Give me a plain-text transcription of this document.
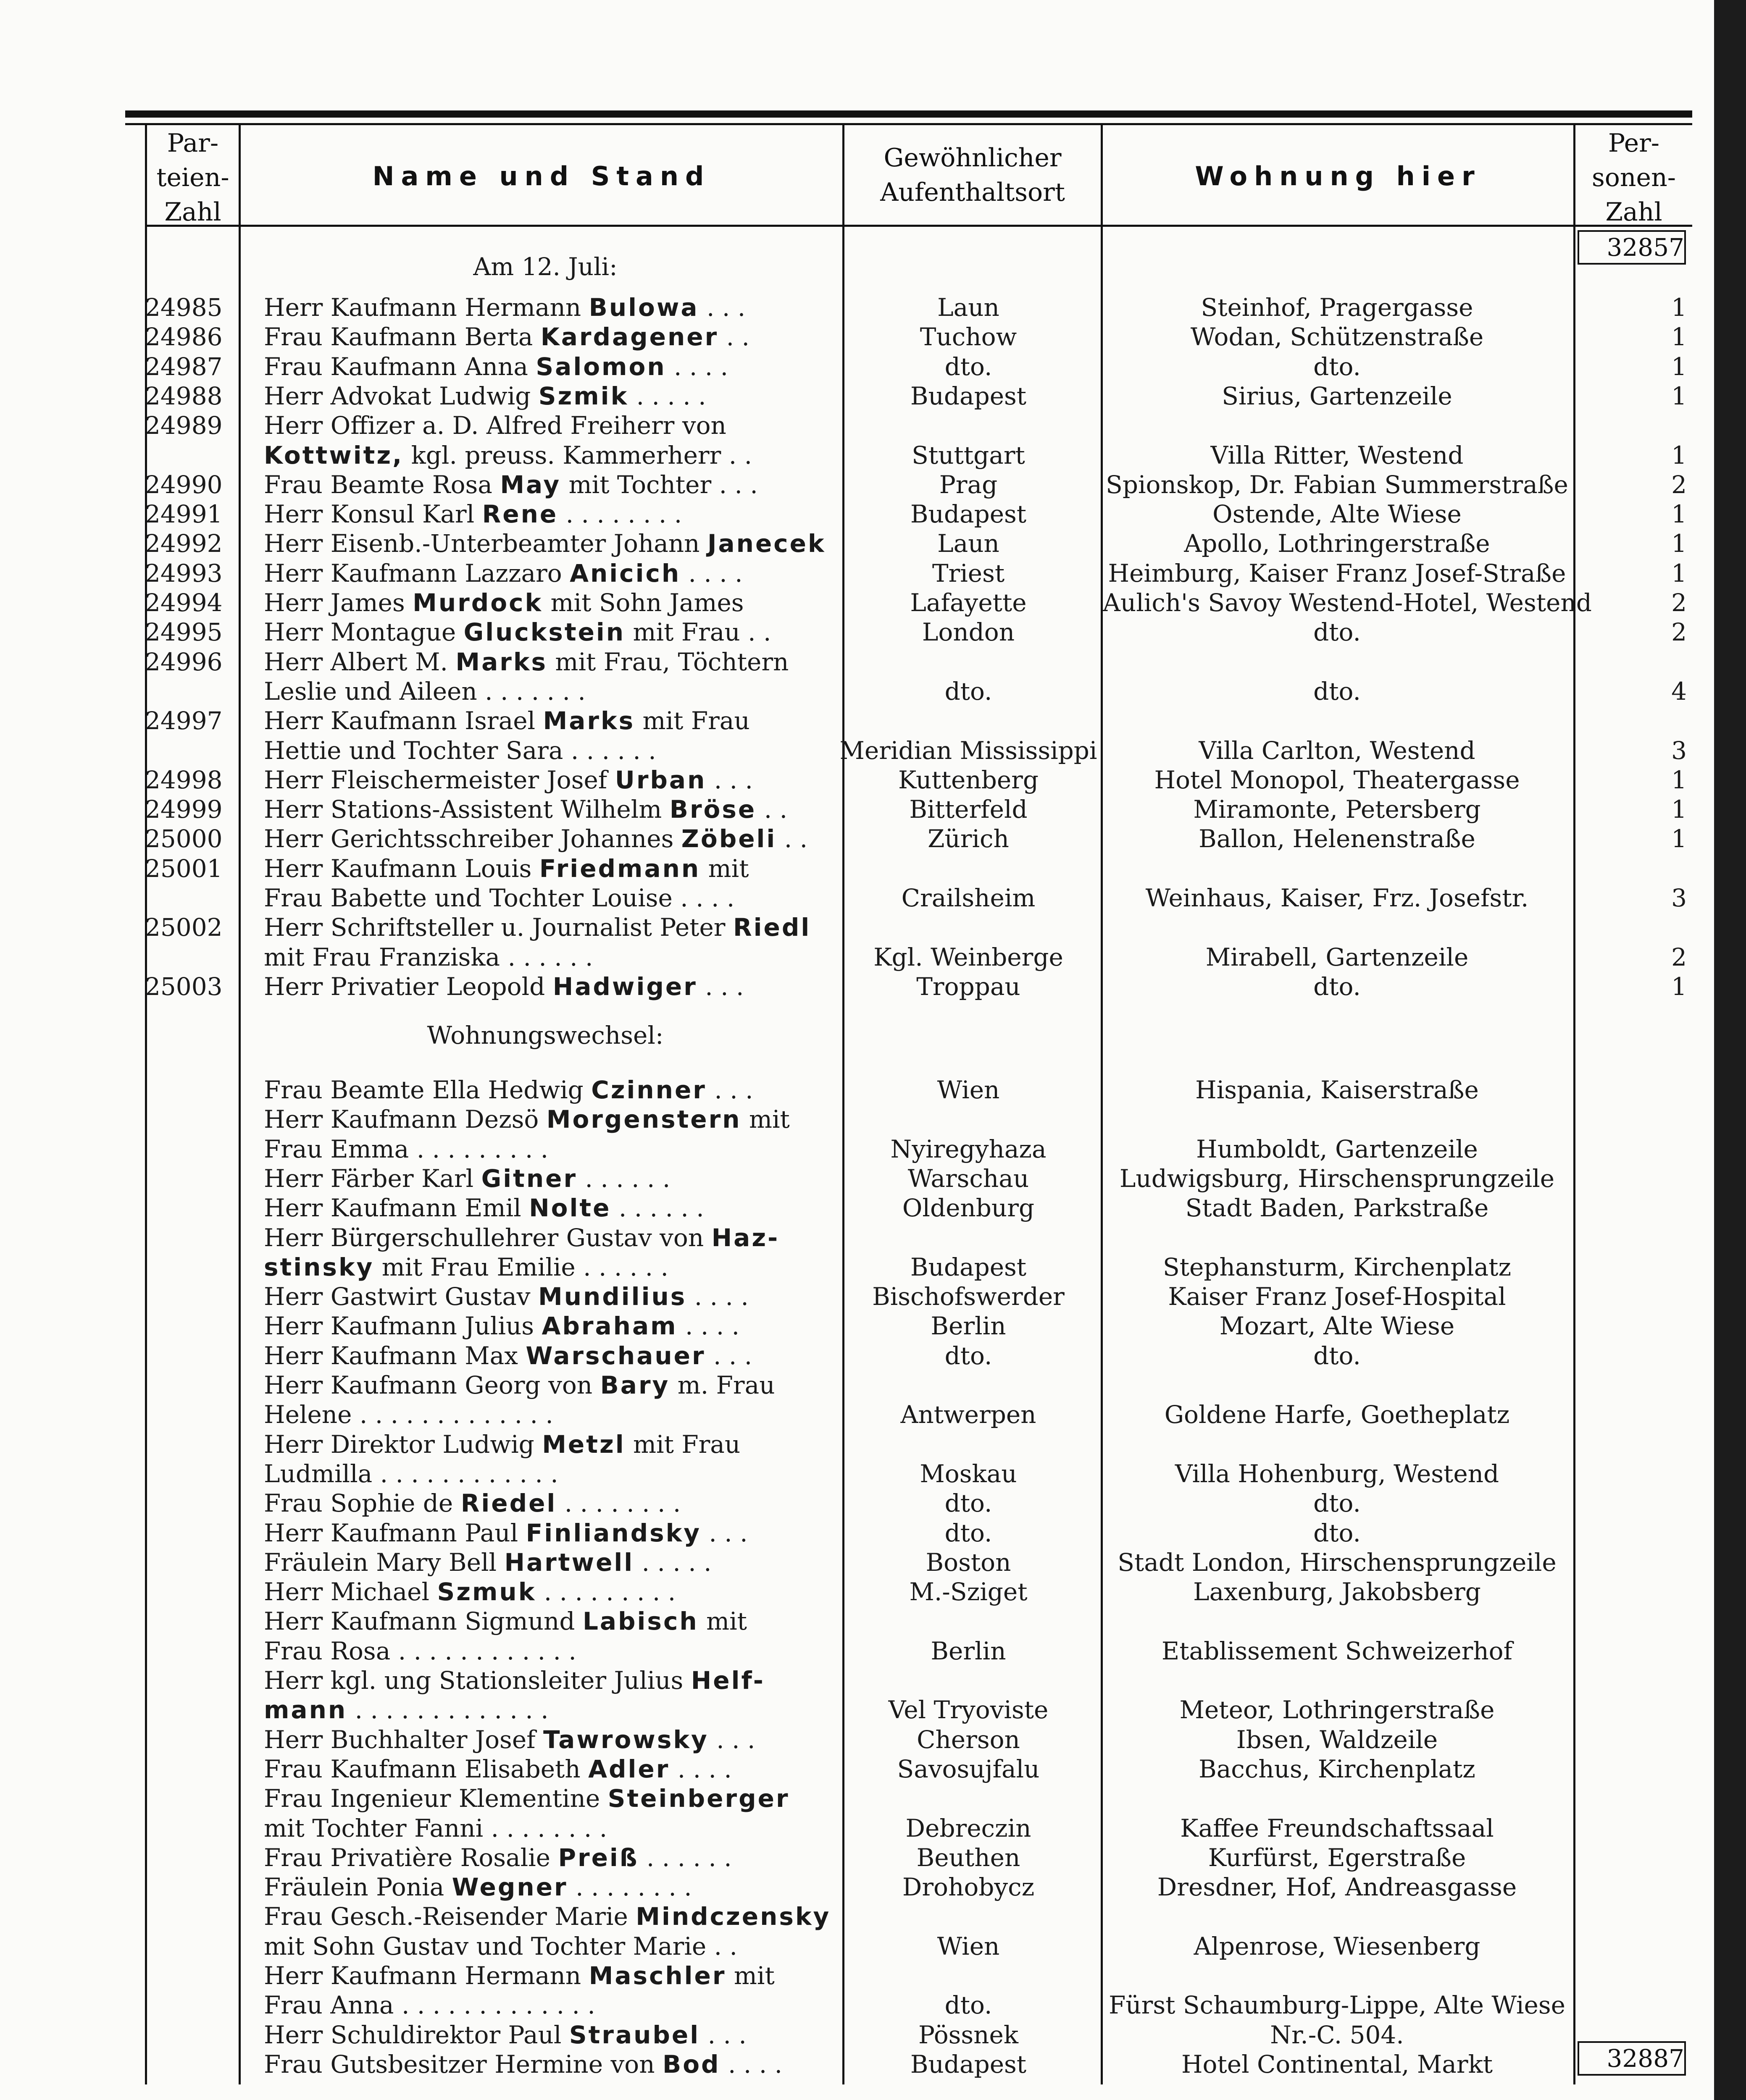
Par-
teien-
Zahl
Name und Stand
Gewöhnlicher
Aufenthaltsort
Wohnung hier
Per-
sonen-
Zahl
32857
32887
Am 12. Juli:
24985	Herr Kaufmann Hermann Bulowa . . .	Laun	Steinhof, Pragergasse	1
24986	Frau Kaufmann Berta Kardagener . .	Tuchow	Wodan, Schützenstraße	1
24987	Frau Kaufmann Anna Salomon . . . .	dto.	dto.	1
24988	Herr Advokat Ludwig Szmik . . . . .	Budapest	Sirius, Gartenzeile	1
24989	Herr Offizer a. D. Alfred Freiherr von
Kottwitz, kgl. preuss. Kammerherr . .	Stuttgart	Villa Ritter, Westend	1
24990	Frau Beamte Rosa May mit Tochter . . .	Prag	Spionskop, Dr. Fabian Summerstraße	2
24991	Herr Konsul Karl Rene . . . . . . . .	Budapest	Ostende, Alte Wiese	1
24992	Herr Eisenb.-Unterbeamter Johann Janecek	Laun	Apollo, Lothringerstraße	1
24993	Herr Kaufmann Lazzaro Anicich . . . .	Triest	Heimburg, Kaiser Franz Josef-Straße	1
24994	Herr James Murdock mit Sohn James	Lafayette	Aulich's Savoy Westend-Hotel, Westend	2
24995	Herr Montague Gluckstein mit Frau . .	London	dto.	2
24996	Herr Albert M. Marks mit Frau, Töchtern
Leslie und Aileen . . . . . . .	dto.	dto.	4
24997	Herr Kaufmann Israel Marks mit Frau
Hettie und Tochter Sara . . . . . .	Meridian Mississippi	Villa Carlton, Westend	3
24998	Herr Fleischermeister Josef Urban . . .	Kuttenberg	Hotel Monopol, Theatergasse	1
24999	Herr Stations-Assistent Wilhelm Bröse . .	Bitterfeld	Miramonte, Petersberg	1
25000	Herr Gerichtsschreiber Johannes Zöbeli . .	Zürich	Ballon, Helenenstraße	1
25001	Herr Kaufmann Louis Friedmann mit
Frau Babette und Tochter Louise . . . .	Crailsheim	Weinhaus, Kaiser, Frz. Josefstr.	3
25002	Herr Schriftsteller u. Journalist Peter Riedl
mit Frau Franziska . . . . . .	Kgl. Weinberge	Mirabell, Gartenzeile	2
25003	Herr Privatier Leopold Hadwiger . . .	Troppau	dto.	1
Wohnungswechsel:
Frau Beamte Ella Hedwig Czinner . . .	Wien	Hispania, Kaiserstraße
Herr Kaufmann Dezsö Morgenstern mit
Frau Emma . . . . . . . . .	Nyiregyhaza	Humboldt, Gartenzeile
Herr Färber Karl Gitner . . . . . .	Warschau	Ludwigsburg, Hirschensprungzeile
Herr Kaufmann Emil Nolte . . . . . .	Oldenburg	Stadt Baden, Parkstraße
Herr Bürgerschullehrer Gustav von Haz-
stinsky mit Frau Emilie . . . . . .	Budapest	Stephansturm, Kirchenplatz
Herr Gastwirt Gustav Mundilius . . . .	Bischofswerder	Kaiser Franz Josef-Hospital
Herr Kaufmann Julius Abraham . . . .	Berlin	Mozart, Alte Wiese
Herr Kaufmann Max Warschauer . . .	dto.	dto.
Herr Kaufmann Georg von Bary m. Frau
Helene . . . . . . . . . . . . .	Antwerpen	Goldene Harfe, Goetheplatz
Herr Direktor Ludwig Metzl mit Frau
Ludmilla . . . . . . . . . . . .	Moskau	Villa Hohenburg, Westend
Frau Sophie de Riedel . . . . . . . .	dto.	dto.
Herr Kaufmann Paul Finliandsky . . .	dto.	dto.
Fräulein Mary Bell Hartwell . . . . .	Boston	Stadt London, Hirschensprungzeile
Herr Michael Szmuk . . . . . . . . .	M.-Sziget	Laxenburg, Jakobsberg
Herr Kaufmann Sigmund Labisch mit
Frau Rosa . . . . . . . . . . . .	Berlin	Etablissement Schweizerhof
Herr kgl. ung Stationsleiter Julius Helf-
mann . . . . . . . . . . . . .	Vel Tryoviste	Meteor, Lothringerstraße
Herr Buchhalter Josef Tawrowsky . . .	Cherson	Ibsen, Waldzeile
Frau Kaufmann Elisabeth Adler . . . .	Savosujfalu	Bacchus, Kirchenplatz
Frau Ingenieur Klementine Steinberger
mit Tochter Fanni . . . . . . . .	Debreczin	Kaffee Freundschaftssaal
Frau Privatière Rosalie Preiß . . . . . .	Beuthen	Kurfürst, Egerstraße
Fräulein Ponia Wegner . . . . . . . .	Drohobycz	Dresdner, Hof, Andreasgasse
Frau Gesch.-Reisender Marie Mindczensky
mit Sohn Gustav und Tochter Marie . .	Wien	Alpenrose, Wiesenberg
Herr Kaufmann Hermann Maschler mit
Frau Anna . . . . . . . . . . . . .	dto.	Fürst Schaumburg-Lippe, Alte Wiese
Herr Schuldirektor Paul Straubel . . .	Pössnek	Nr.-C. 504.
Frau Gutsbesitzer Hermine von Bod . . . .	Budapest	Hotel Continental, Markt
